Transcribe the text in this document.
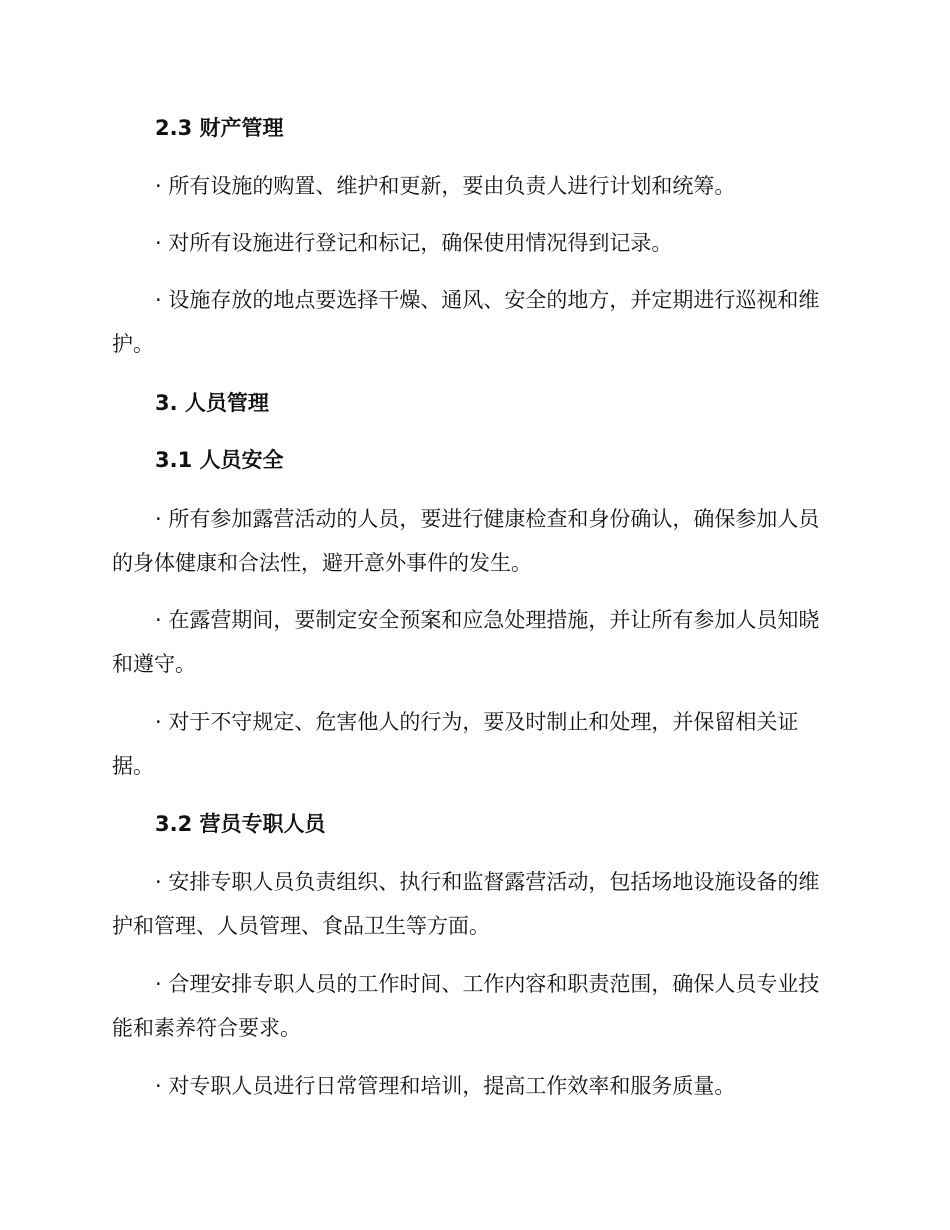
2.3 财产管理

· 所有设施的购置、维护和更新，要由负责人进行计划和统筹。

· 对所有设施进行登记和标记，确保使用情况得到记录。

· 设施存放的地点要选择干燥、通风、安全的地方，并定期进行巡视和维护。

3. 人员管理

3.1 人员安全

· 所有参加露营活动的人员，要进行健康检查和身份确认，确保参加人员的身体健康和合法性，避开意外事件的发生。

· 在露营期间，要制定安全预案和应急处理措施，并让所有参加人员知晓和遵守。

· 对于不守规定、危害他人的行为，要及时制止和处理，并保留相关证据。

3.2 营员专职人员

· 安排专职人员负责组织、执行和监督露营活动，包括场地设施设备的维护和管理、人员管理、食品卫生等方面。

· 合理安排专职人员的工作时间、工作内容和职责范围，确保人员专业技能和素养符合要求。

· 对专职人员进行日常管理和培训，提高工作效率和服务质量。
